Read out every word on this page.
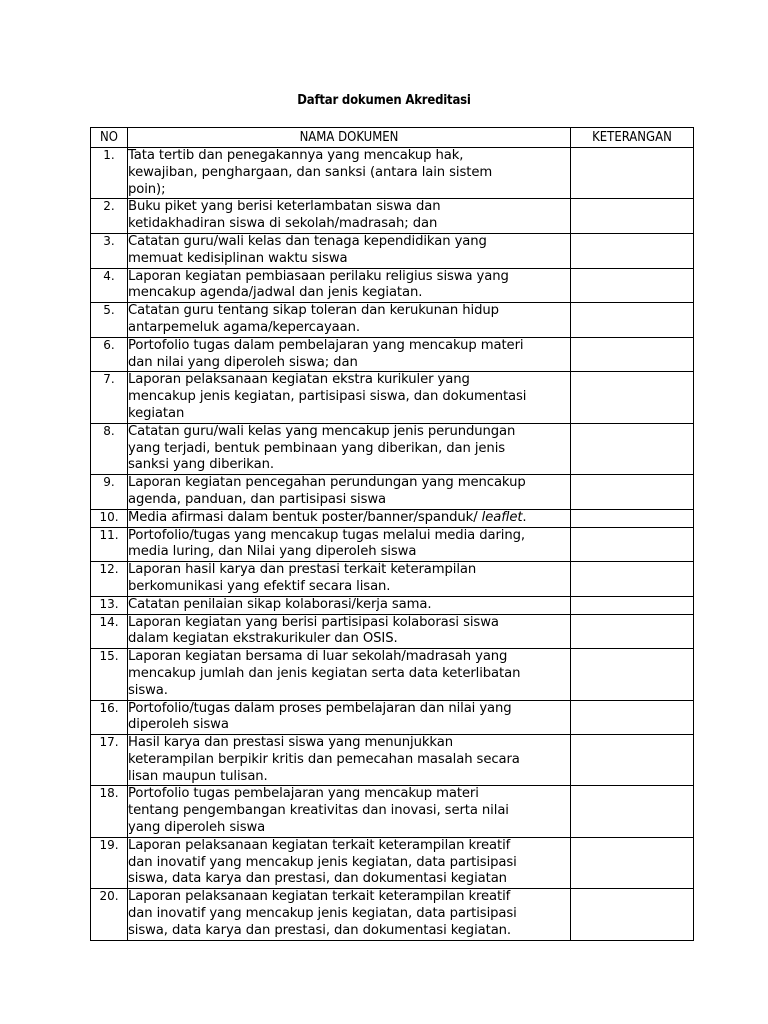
Daftar dokumen Akreditasi
NO	NAMA DOKUMEN	KETERANGAN
1.	Tata tertib dan penegakannya yang mencakup hak,
kewajiban, penghargaan, dan sanksi (antara lain sistem
poin);	
2.	Buku piket yang berisi keterlambatan siswa dan
ketidakhadiran siswa di sekolah/madrasah; dan	
3.	Catatan guru/wali kelas dan tenaga kependidikan yang
memuat kedisiplinan waktu siswa	
4.	Laporan kegiatan pembiasaan perilaku religius siswa yang
mencakup agenda/jadwal dan jenis kegiatan.	
5.	Catatan guru tentang sikap toleran dan kerukunan hidup
antarpemeluk agama/kepercayaan.	
6.	Portofolio tugas dalam pembelajaran yang mencakup materi
dan nilai yang diperoleh siswa; dan	
7.	Laporan pelaksanaan kegiatan ekstra kurikuler yang
mencakup jenis kegiatan, partisipasi siswa, dan dokumentasi
kegiatan	
8.	Catatan guru/wali kelas yang mencakup jenis perundungan
yang terjadi, bentuk pembinaan yang diberikan, dan jenis
sanksi yang diberikan.	
9.	Laporan kegiatan pencegahan perundungan yang mencakup
agenda, panduan, dan partisipasi siswa	
10.	Media afirmasi dalam bentuk poster/banner/spanduk/ leaflet.	
11.	Portofolio/tugas yang mencakup tugas melalui media daring,
media luring, dan Nilai yang diperoleh siswa	
12.	Laporan hasil karya dan prestasi terkait keterampilan
berkomunikasi yang efektif secara lisan.	
13.	Catatan penilaian sikap kolaborasi/kerja sama.	
14.	Laporan kegiatan yang berisi partisipasi kolaborasi siswa
dalam kegiatan ekstrakurikuler dan OSIS.	
15.	Laporan kegiatan bersama di luar sekolah/madrasah yang
mencakup jumlah dan jenis kegiatan serta data keterlibatan
siswa.	
16.	Portofolio/tugas dalam proses pembelajaran dan nilai yang
diperoleh siswa	
17.	Hasil karya dan prestasi siswa yang menunjukkan
keterampilan berpikir kritis dan pemecahan masalah secara
lisan maupun tulisan.	
18.	Portofolio tugas pembelajaran yang mencakup materi
tentang pengembangan kreativitas dan inovasi, serta nilai
yang diperoleh siswa	
19.	Laporan pelaksanaan kegiatan terkait keterampilan kreatif
dan inovatif yang mencakup jenis kegiatan, data partisipasi
siswa, data karya dan prestasi, dan dokumentasi kegiatan	
20.	Laporan pelaksanaan kegiatan terkait keterampilan kreatif
dan inovatif yang mencakup jenis kegiatan, data partisipasi
siswa, data karya dan prestasi, dan dokumentasi kegiatan.	
